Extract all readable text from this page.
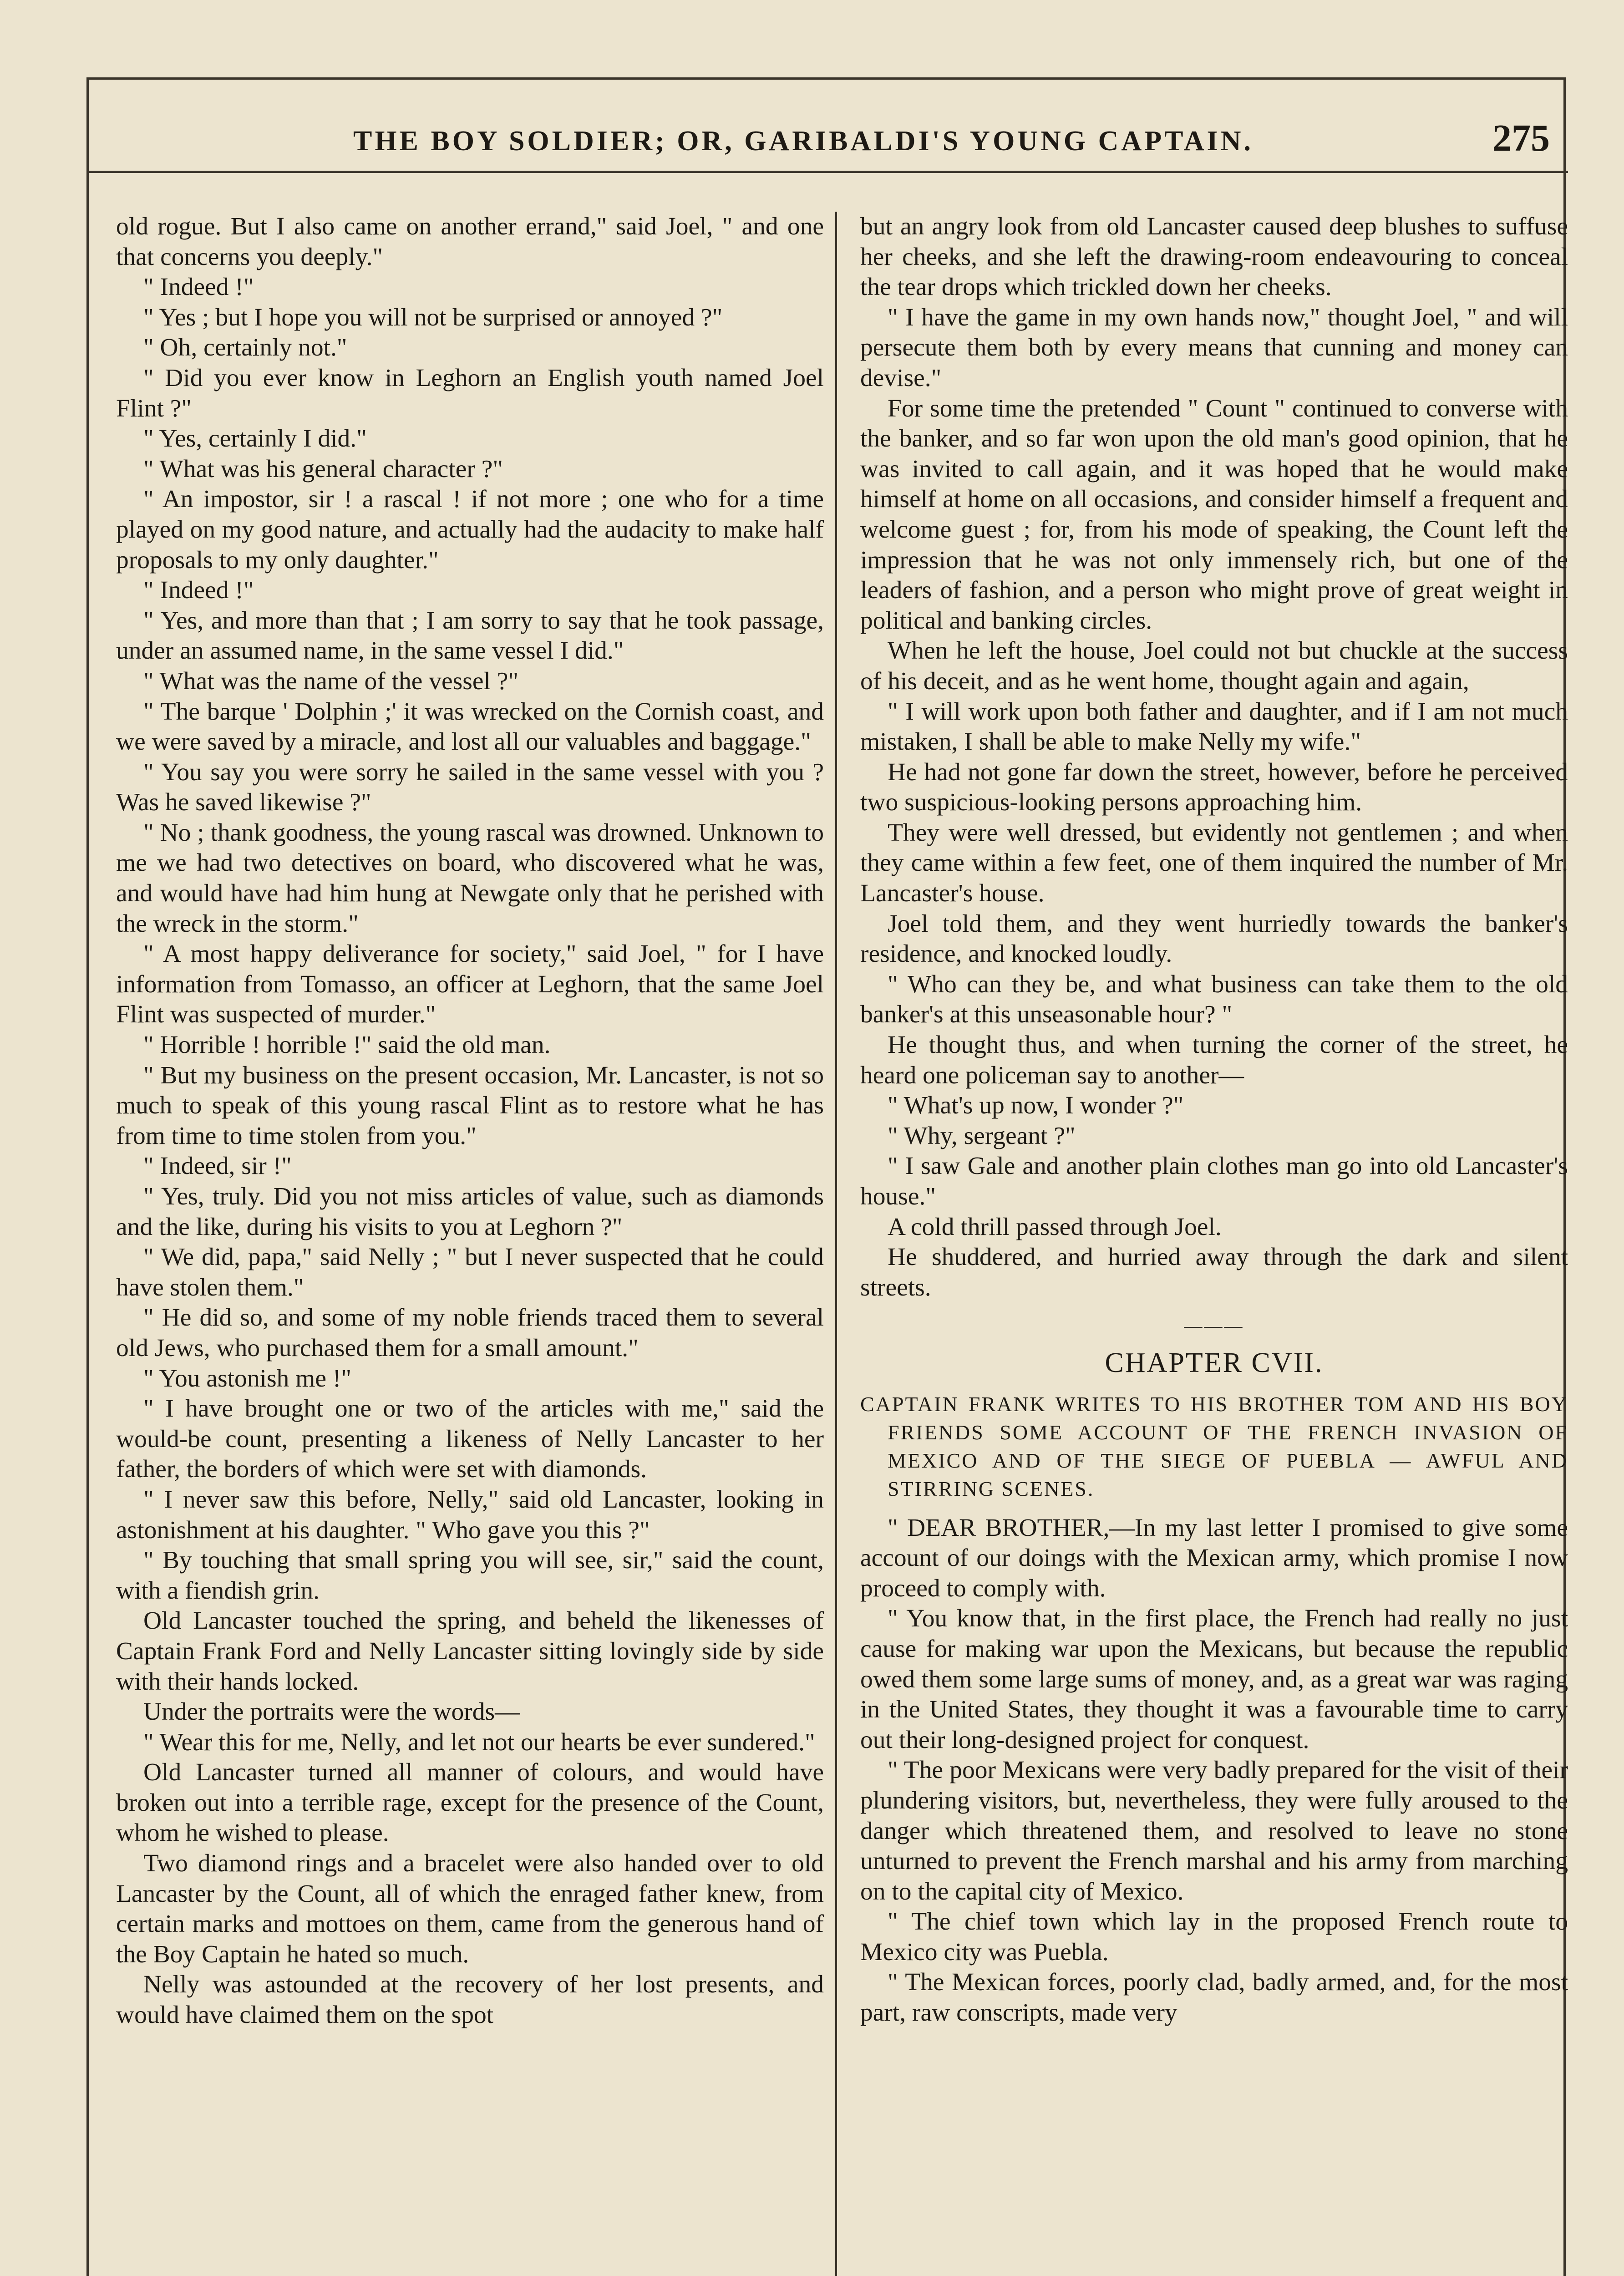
THE BOY SOLDIER; OR, GARIBALDI'S YOUNG CAPTAIN.	275

old rogue. But I also came on another errand," said Joel, " and one that concerns you deeply."

" Indeed !"

" Yes ; but I hope you will not be surprised or annoyed ?"

" Oh, certainly not."

" Did you ever know in Leghorn an English youth named Joel Flint ?"

" Yes, certainly I did."

" What was his general character ?"

" An impostor, sir ! a rascal ! if not more ; one who for a time played on my good nature, and actually had the audacity to make half proposals to my only daughter."

" Indeed !"

" Yes, and more than that ; I am sorry to say that he took passage, under an assumed name, in the same vessel I did."

" What was the name of the vessel ?"

" The barque ' Dolphin ;' it was wrecked on the Cornish coast, and we were saved by a miracle, and lost all our valuables and baggage."

" You say you were sorry he sailed in the same vessel with you ? Was he saved likewise ?"

" No ; thank goodness, the young rascal was drowned. Unknown to me we had two detectives on board, who discovered what he was, and would have had him hung at Newgate only that he perished with the wreck in the storm."

" A most happy deliverance for society," said Joel, " for I have information from Tomasso, an officer at Leghorn, that the same Joel Flint was suspected of murder."

" Horrible ! horrible !" said the old man.

" But my business on the present occasion, Mr. Lancaster, is not so much to speak of this young rascal Flint as to restore what he has from time to time stolen from you."

" Indeed, sir !"

" Yes, truly. Did you not miss articles of value, such as diamonds and the like, during his visits to you at Leghorn ?"

" We did, papa," said Nelly ; " but I never suspected that he could have stolen them."

" He did so, and some of my noble friends traced them to several old Jews, who purchased them for a small amount."

" You astonish me !"

" I have brought one or two of the articles with me," said the would-be count, presenting a likeness of Nelly Lancaster to her father, the borders of which were set with diamonds.

" I never saw this before, Nelly," said old Lancaster, looking in astonishment at his daughter. " Who gave you this ?"

" By touching that small spring you will see, sir," said the count, with a fiendish grin.

Old Lancaster touched the spring, and beheld the likenesses of Captain Frank Ford and Nelly Lancaster sitting lovingly side by side with their hands locked.

Under the portraits were the words—

" Wear this for me, Nelly, and let not our hearts be ever sundered."

Old Lancaster turned all manner of colours, and would have broken out into a terrible rage, except for the presence of the Count, whom he wished to please.

Two diamond rings and a bracelet were also handed over to old Lancaster by the Count, all of which the enraged father knew, from certain marks and mottoes on them, came from the generous hand of the Boy Captain he hated so much.

Nelly was astounded at the recovery of her lost presents, and would have claimed them on the spot

but an angry look from old Lancaster caused deep blushes to suffuse her cheeks, and she left the drawing-room endeavouring to conceal the tear drops which trickled down her cheeks.

" I have the game in my own hands now," thought Joel, " and will persecute them both by every means that cunning and money can devise."

For some time the pretended " Count " continued to converse with the banker, and so far won upon the old man's good opinion, that he was invited to call again, and it was hoped that he would make himself at home on all occasions, and consider himself a frequent and welcome guest ; for, from his mode of speaking, the Count left the impression that he was not only immensely rich, but one of the leaders of fashion, and a person who might prove of great weight in political and banking circles.

When he left the house, Joel could not but chuckle at the success of his deceit, and as he went home, thought again and again,

" I will work upon both father and daughter, and if I am not much mistaken, I shall be able to make Nelly my wife."

He had not gone far down the street, however, before he perceived two suspicious-looking persons approaching him.

They were well dressed, but evidently not gentlemen ; and when they came within a few feet, one of them inquired the number of Mr. Lancaster's house.

Joel told them, and they went hurriedly towards the banker's residence, and knocked loudly.

" Who can they be, and what business can take them to the old banker's at this unseasonable hour? "

He thought thus, and when turning the corner of the street, he heard one policeman say to another—

" What's up now, I wonder ?"

" Why, sergeant ?"

" I saw Gale and another plain clothes man go into old Lancaster's house."

A cold thrill passed through Joel.

He shuddered, and hurried away through the dark and silent streets.

———
CHAPTER CVII.

CAPTAIN FRANK WRITES TO HIS BROTHER TOM AND HIS BOY FRIENDS SOME ACCOUNT OF THE FRENCH INVASION OF MEXICO AND OF THE SIEGE OF PUEBLA — AWFUL AND STIRRING SCENES.

" DEAR BROTHER,—In my last letter I promised to give some account of our doings with the Mexican army, which promise I now proceed to comply with.

" You know that, in the first place, the French had really no just cause for making war upon the Mexicans, but because the republic owed them some large sums of money, and, as a great war was raging in the United States, they thought it was a favourable time to carry out their long-designed project for conquest.

" The poor Mexicans were very badly prepared for the visit of their plundering visitors, but, nevertheless, they were fully aroused to the danger which threatened them, and resolved to leave no stone unturned to prevent the French marshal and his army from marching on to the capital city of Mexico.

" The chief town which lay in the proposed French route to Mexico city was Puebla.

" The Mexican forces, poorly clad, badly armed, and, for the most part, raw conscripts, made very
